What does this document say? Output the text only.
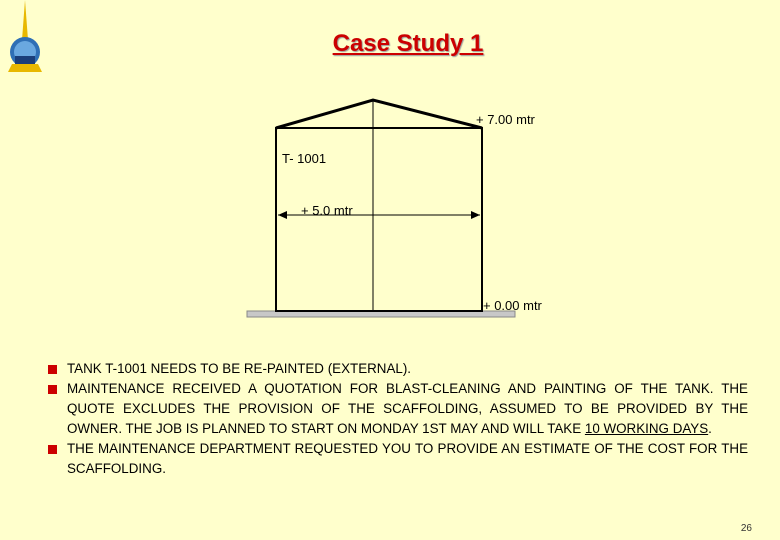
Case Study 1
+ 7.00 mtr
T- 1001
+ 5.0 mtr
+ 0.00 mtr
TANK T-1001 NEEDS TO BE RE-PAINTED (EXTERNAL).
MAINTENANCE RECEIVED A QUOTATION FOR BLAST-CLEANING AND PAINTING OF THE TANK. THE QUOTE EXCLUDES THE PROVISION OF THE SCAFFOLDING, ASSUMED TO BE PROVIDED BY THE OWNER. THE JOB IS PLANNED TO START ON MONDAY 1ST MAY AND WILL TAKE 10 WORKING DAYS.
THE MAINTENANCE DEPARTMENT REQUESTED YOU TO PROVIDE AN ESTIMATE OF THE COST FOR THE SCAFFOLDING.
26
